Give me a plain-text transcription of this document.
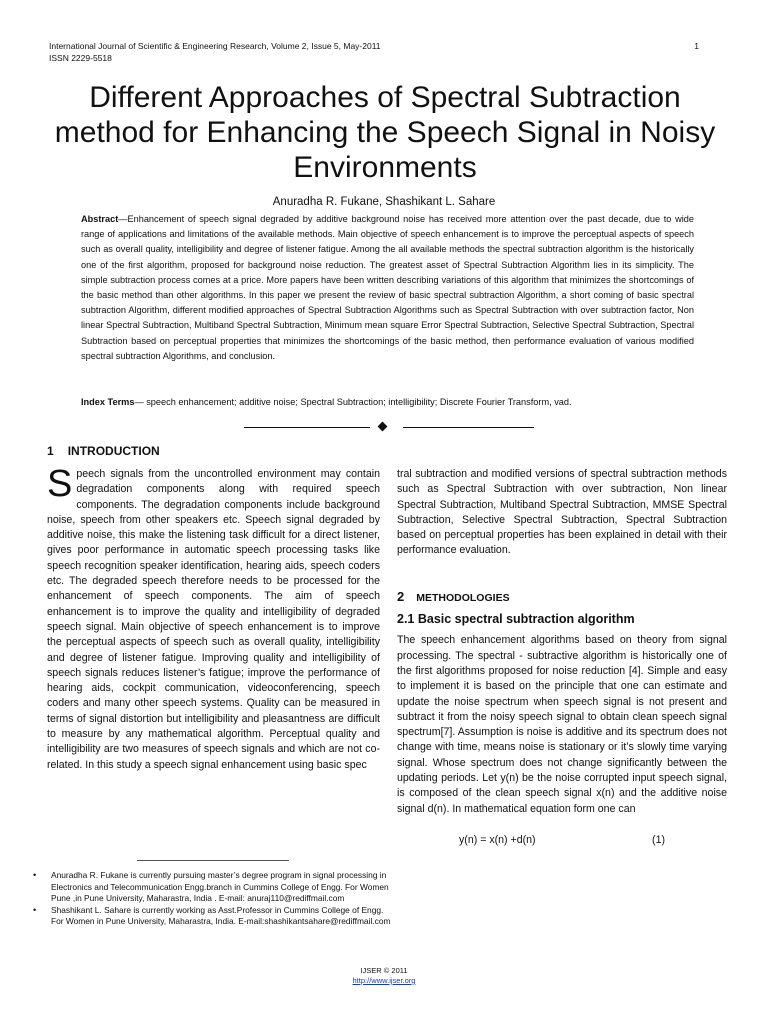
International Journal of Scientific & Engineering Research, Volume 2, Issue 5, May-2011	1
ISSN 2229-5518
Different Approaches of Spectral Subtraction method for Enhancing the Speech Signal in Noisy Environments
Anuradha R. Fukane, Shashikant L. Sahare
Abstract—Enhancement of speech signal degraded by additive background noise has received more attention over the past decade, due to wide range of applications and limitations of the available methods. Main objective of speech enhancement is to improve the perceptual aspects of speech such as overall quality, intelligibility and degree of listener fatigue. Among the all available methods the spectral subtraction algorithm is the historically one of the first algorithm, proposed for background noise reduction. The greatest asset of Spectral Subtraction Algorithm lies in its simplicity. The simple subtraction process comes at a price. More papers have been written describing variations of this algorithm that minimizes the shortcomings of the basic method than other algorithms. In this paper we present the review of basic spectral subtraction Algorithm, a short coming of basic spectral subtraction Algorithm, different modified approaches of Spectral Subtraction Algorithms such as Spectral Subtraction with over subtraction factor, Non linear Spectral Subtraction, Multiband Spectral Subtraction, Minimum mean square Error Spectral Subtraction, Selective Spectral Subtraction, Spectral Subtraction based on perceptual properties that minimizes the shortcomings of the basic method, then performance evaluation of various modified spectral subtraction Algorithms, and conclusion.
Index Terms— speech enhancement; additive noise; Spectral Subtraction; intelligibility; Discrete Fourier Transform, vad.
1 INTRODUCTION

Speech signals from the uncontrolled environment may contain degradation components along with required speech components. The degradation components include background noise, speech from other speakers etc. Speech signal degraded by additive noise, this make the listening task difficult for a direct listener, gives poor performance in automatic speech processing tasks like speech recognition speaker identification, hearing aids, speech coders etc. The degraded speech therefore needs to be processed for the enhancement of speech components. The aim of speech enhancement is to improve the quality and intelligibility of degraded speech signal. Main objective of speech enhancement is to improve the perceptual aspects of speech such as overall quality, intelligibility and degree of listener fatigue. Improving quality and intelligibility of speech signals reduces listener’s fatigue; improve the performance of hearing aids, cockpit communication, videoconferencing, speech coders and many other speech systems. Quality can be measured in terms of signal distortion but intelligibility and pleasantness are difficult to measure by any mathematical algorithm. Perceptual quality and intelligibility are two measures of speech signals and which are not co-related. In this study a speech signal enhancement using basic spec

tral subtraction and modified versions of spectral subtraction methods such as Spectral Subtraction with over subtraction, Non linear Spectral Subtraction, Multiband Spectral Subtraction, MMSE Spectral Subtraction, Selective Spectral Subtraction, Spectral Subtraction based on perceptual properties has been explained in detail with their performance evaluation.

2 METHODOLOGIES
2.1 Basic spectral subtraction algorithm

The speech enhancement algorithms based on theory from signal processing. The spectral - subtractive algorithm is historically one of the first algorithms proposed for noise reduction [4]. Simple and easy to implement it is based on the principle that one can estimate and update the noise spectrum when speech signal is not present and subtract it from the noisy speech signal to obtain clean speech signal spectrum[7]. Assumption is noise is additive and its spectrum does not change with time, means noise is stationary or it’s slowly time varying signal. Whose spectrum does not change significantly between the updating periods. Let y(n) be the noise corrupted input speech signal, is composed of the clean speech signal x(n) and the additive noise signal d(n). In mathematical equation form one can

y(n) = x(n) +d(n)	(1)
•	Anuradha R. Fukane is currently pursuing master’s degree program in signal processing in Electronics and Telecommunication Engg.branch in Cummins College of Engg. For Women Pune ,in Pune University, Maharastra, India . E-mail: anuraj110@rediffmail.com
•	Shashikant L. Sahare is currently working as Asst.Professor in Cummins College of Engg. For Women in Pune University, Maharastra, India. E-mail:shashikantsahare@rediffmail.com
IJSER © 2011
http://www.ijser.org
